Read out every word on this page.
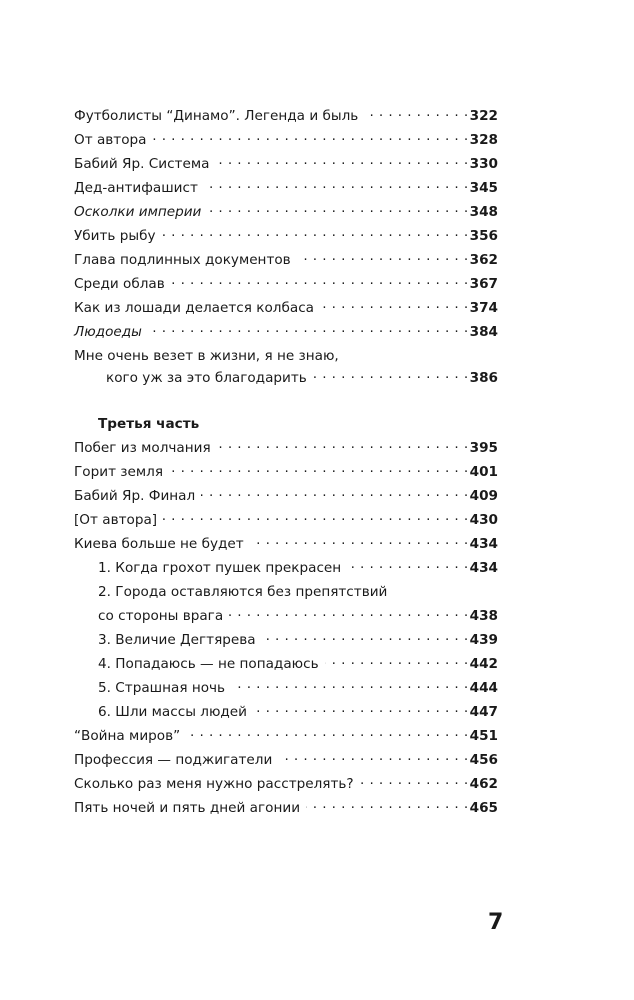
Футболисты “Динамо”. Легенда и быль . . .	322
От автора . . .	328
Бабий Яр. Система . . .	330
Дед-антифашист . . .	345
Осколки империи . . .	348
Убить рыбу . . .	356
Глава подлинных документов . . .	362
Среди облав . . .	367
Как из лошади делается колбаса . . .	374
Людоеды . . .	384
Мне очень везет в жизни, я не знаю,
кого уж за это благодарить . . .	386
Третья часть
Побег из молчания . . .	395
Горит земля . . .	401
Бабий Яр. Финал . . .	409
[От автора] . . .	430
Киева больше не будет . . .	434
1. Когда грохот пушек прекрасен . . .	434
2. Города оставляются без препятствий
со стороны врага . . .	438
3. Величие Дегтярева . . .	439
4. Попадаюсь — не попадаюсь . . .	442
5. Страшная ночь . . .	444
6. Шли массы людей . . .	447
“Война миров” . . .	451
Профессия — поджигатели . . .	456
Сколько раз меня нужно расстрелять? . . .	462
Пять ночей и пять дней агонии . . .	465
7
